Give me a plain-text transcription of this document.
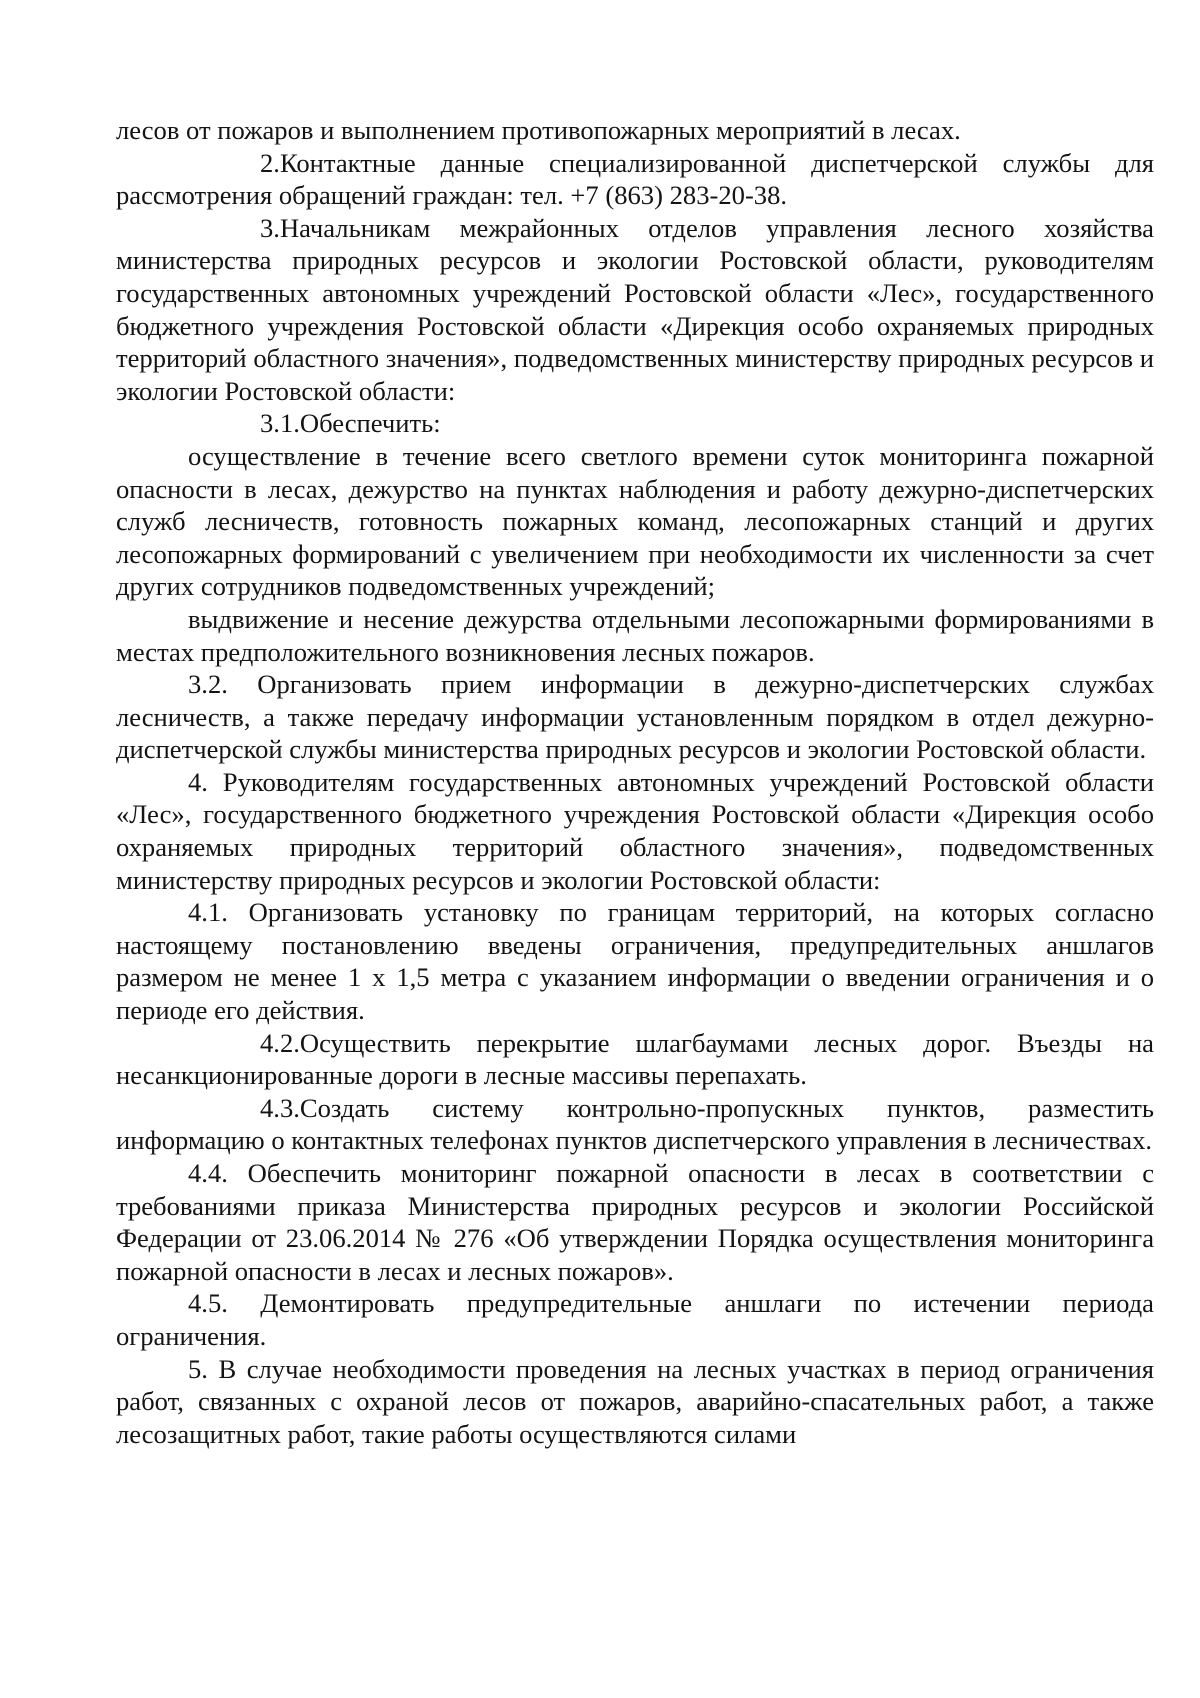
лесов от пожаров и выполнением противопожарных мероприятий в лесах.

2.Контактные данные специализированной диспетчерской службы для рассмотрения обращений граждан: тел. +7 (863) 283-20-38.

3.Начальникам межрайонных отделов управления лесного хозяйства министерства природных ресурсов и экологии Ростовской области, руководителям государственных автономных учреждений Ростовской области «Лес», государственного бюджетного учреждения Ростовской области «Дирекция особо охраняемых природных территорий областного значения», подведомственных министерству природных ресурсов и экологии Ростовской области:

3.1.Обеспечить:

осуществление в течение всего светлого времени суток мониторинга пожарной опасности в лесах, дежурство на пунктах наблюдения и работу дежурно-диспетчерских служб лесничеств, готовность пожарных команд, лесопожарных станций и других лесопожарных формирований с увеличением при необходимости их численности за счет других сотрудников подведомственных учреждений;

выдвижение и несение дежурства отдельными лесопожарными формированиями в местах предположительного возникновения лесных пожаров.

3.2. Организовать прием информации в дежурно-диспетчерских службах лесничеств, а также передачу информации установленным порядком в отдел дежурно-диспетчерской службы министерства природных ресурсов и экологии Ростовской области.

4. Руководителям государственных автономных учреждений Ростовской области «Лес», государственного бюджетного учреждения Ростовской области «Дирекция особо охраняемых природных территорий областного значения», подведомственных министерству природных ресурсов и экологии Ростовской области:

4.1. Организовать установку по границам территорий, на которых согласно настоящему постановлению введены ограничения, предупредительных аншлагов размером не менее 1 х 1,5 метра с указанием информации о введении ограничения и о периоде его действия.

4.2.Осуществить перекрытие шлагбаумами лесных дорог. Въезды на несанкционированные дороги в лесные массивы перепахать.

4.3.Создать систему контрольно-пропускных пунктов, разместить информацию о контактных телефонах пунктов диспетчерского управления в лесничествах.

4.4. Обеспечить мониторинг пожарной опасности в лесах в соответствии с требованиями приказа Министерства природных ресурсов и экологии Российской Федерации от 23.06.2014 № 276 «Об утверждении Порядка осуществления мониторинга пожарной опасности в лесах и лесных пожаров».

4.5. Демонтировать предупредительные аншлаги по истечении периода ограничения.

5. В случае необходимости проведения на лесных участках в период ограничения работ, связанных с охраной лесов от пожаров, аварийно-спасательных работ, а также лесозащитных работ, такие работы осуществляются силами
